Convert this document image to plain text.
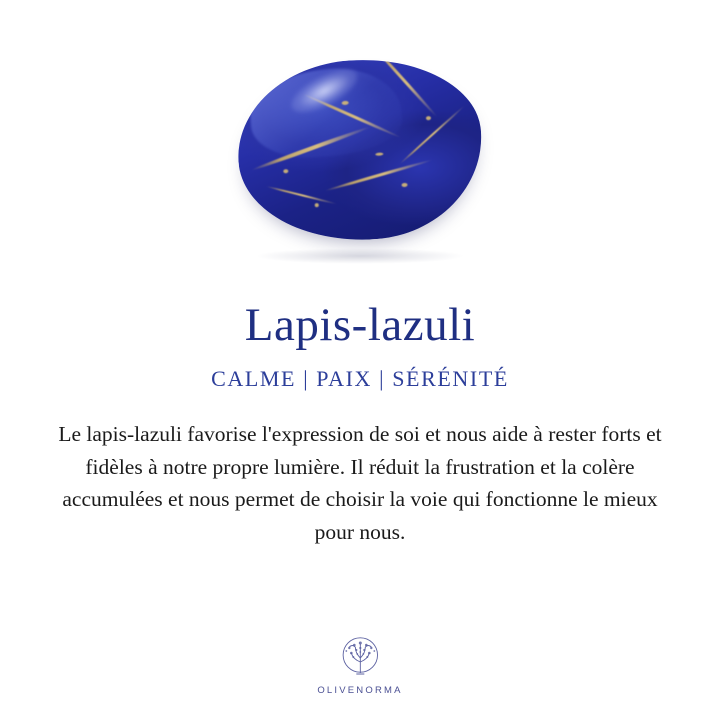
Lapis-lazuli
CALME | PAIX | SÉRÉNITÉ

Le lapis-lazuli favorise l'expression de soi et nous aide à rester forts et fidèles à notre propre lumière. Il réduit la frustration et la colère accumulées et nous permet de choisir la voie qui fonctionne le mieux pour nous.

OLIVENORMA
